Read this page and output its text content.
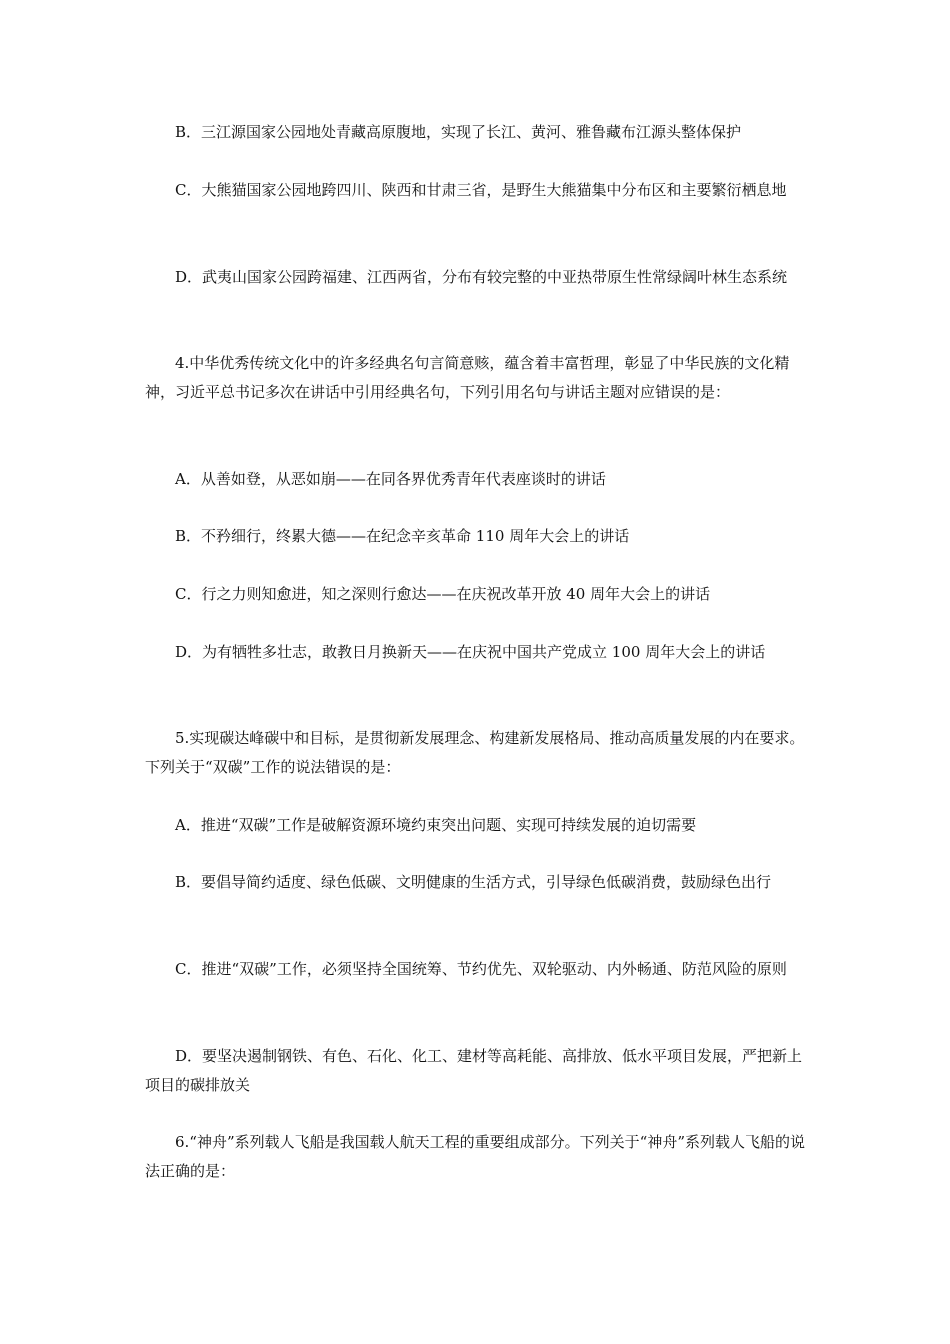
B．三江源国家公园地处青藏高原腹地，实现了长江、黄河、雅鲁藏布江源头整体保护

C．大熊猫国家公园地跨四川、陕西和甘肃三省，是野生大熊猫集中分布区和主要繁衍栖息地

D．武夷山国家公园跨福建、江西两省，分布有较完整的中亚热带原生性常绿阔叶林生态系统

4.中华优秀传统文化中的许多经典名句言简意赅，蕴含着丰富哲理，彰显了中华民族的文化精神，习近平总书记多次在讲话中引用经典名句，下列引用名句与讲话主题对应错误的是：

A．从善如登，从恶如崩——在同各界优秀青年代表座谈时的讲话

B．不矜细行，终累大德——在纪念辛亥革命 110 周年大会上的讲话

C．行之力则知愈进，知之深则行愈达——在庆祝改革开放 40 周年大会上的讲话

D．为有牺牲多壮志，敢教日月换新天——在庆祝中国共产党成立 100 周年大会上的讲话

5.实现碳达峰碳中和目标，是贯彻新发展理念、构建新发展格局、推动高质量发展的内在要求。下列关于“双碳”工作的说法错误的是：

A．推进“双碳”工作是破解资源环境约束突出问题、实现可持续发展的迫切需要

B．要倡导简约适度、绿色低碳、文明健康的生活方式，引导绿色低碳消费，鼓励绿色出行

C．推进“双碳”工作，必须坚持全国统筹、节约优先、双轮驱动、内外畅通、防范风险的原则

D．要坚决遏制钢铁、有色、石化、化工、建材等高耗能、高排放、低水平项目发展，严把新上项目的碳排放关

6.“神舟”系列载人飞船是我国载人航天工程的重要组成部分。下列关于“神舟”系列载人飞船的说法正确的是：
